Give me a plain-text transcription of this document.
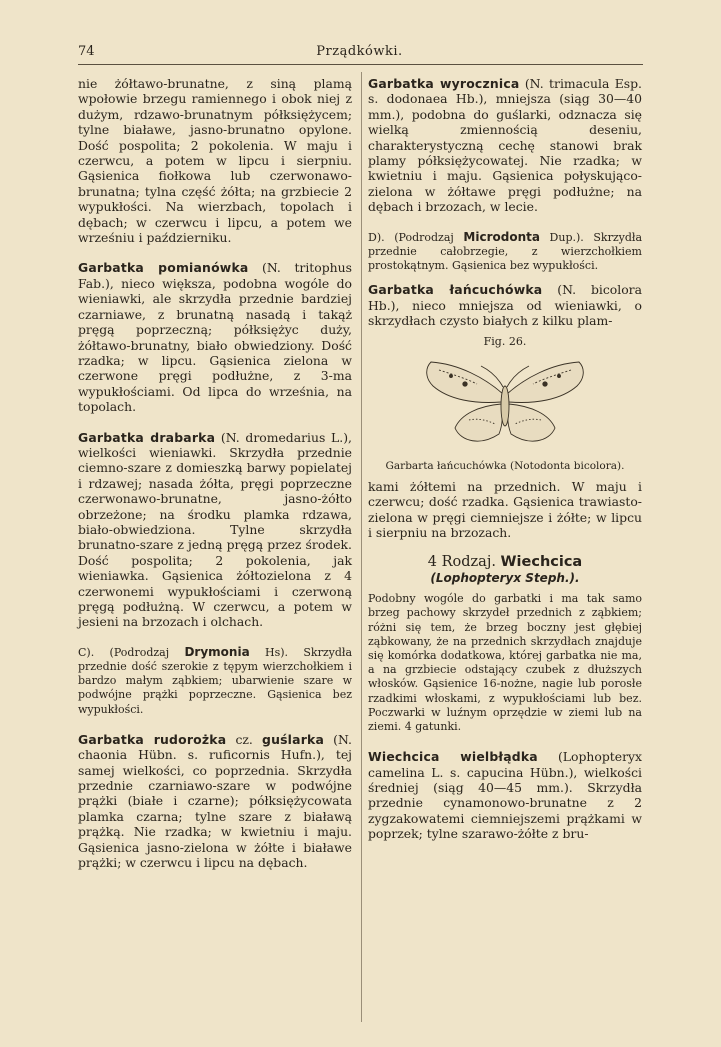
74	Prządkówki.

nie żółtawo-brunatne, z siną plamą wpołowie brzegu ramiennego i obok niej z dużym, rdzawo-brunatnym półksiężycem; tylne białawe, jasno-brunatno opylone. Dość pospolita; 2 pokolenia. W maju i czerwcu, a potem w lipcu i sierpniu. Gąsienica fiołkowa lub czerwonawo-brunatna; tylna część żółta; na grzbiecie 2 wypukłości. Na wierzbach, topolach i dębach; w czerwcu i lipcu, a potem we wrześniu i październiku.

Garbatka pomianówka (N. tritophus Fab.), nieco większa, podobna wogóle do wieniawki, ale skrzydła przednie bardziej czarniawe, z brunatną nasadą i takąż pręgą poprzeczną; półksiężyc duży, żółtawo-brunatny, biało obwiedziony. Dość rzadka; w lipcu. Gąsienica zielona w czerwone pręgi podłużne, z 3-ma wypukłościami. Od lipca do września, na topolach.

Garbatka drabarka (N. dromedarius L.), wielkości wieniawki. Skrzydła przednie ciemno-szare z domieszką barwy popielatej i rdzawej; nasada żółta, pręgi poprzeczne czerwonawo-brunatne, jasno-żółto obrzeżone; na środku plamka rdzawa, biało-obwiedziona. Tylne skrzydła brunatno-szare z jedną pręgą przez środek. Dość pospolita; 2 pokolenia, jak wieniawka. Gąsienica żółtozielona z 4 czerwonemi wypukłościami i czerwoną pręgą podłużną. W czerwcu, a potem w jesieni na brzozach i olchach.

C). (Podrodzaj Drymonia Hs). Skrzydła przednie dość szerokie z tępym wierzchołkiem i bardzo małym ząbkiem; ubarwienie szare w podwójne prążki poprzeczne. Gąsienica bez wypukłości.

Garbatka rudorożka cz. guślarka (N. chaonia Hübn. s. ruficornis Hufn.), tej samej wielkości, co poprzednia. Skrzydła przednie czarniawo-szare w podwójne prążki (białe i czarne); półksiężycowata plamka czarna; tylne szare z białawą prążką. Nie rzadka; w kwietniu i maju. Gąsienica jasno-zielona w żółte i białawe prążki; w czerwcu i lipcu na dębach.

Garbatka wyrocznica (N. trimacula Esp. s. dodonaea Hb.), mniejsza (siąg 30—40 mm.), podobna do guślarki, odznacza się wielką zmiennością deseniu, charakterystyczną cechę stanowi brak plamy półksiężycowatej. Nie rzadka; w kwietniu i maju. Gąsienica połyskująco-zielona w żółtawe pręgi podłużne; na dębach i brzozach, w lecie.

D). (Podrodzaj Microdonta Dup.). Skrzydła przednie całobrzegie, z wierzchołkiem prostokątnym. Gąsienica bez wypukłości.

Garbatka łańcuchówka (N. bicolora Hb.), nieco mniejsza od wieniawki, o skrzydłach czysto białych z kilku plam-

Fig. 26.
Garbarta łańcuchówka (Notodonta bicolora).

kami żółtemi na przednich. W maju i czerwcu; dość rzadka. Gąsienica trawiasto-zielona w pręgi ciemniejsze i żółte; w lipcu i sierpniu na brzozach.

4 Rodzaj. Wiechcica
(Lophopteryx Steph.).

Podobny wogóle do garbatki i ma tak samo brzeg pachowy skrzydeł przednich z ząbkiem; różni się tem, że brzeg boczny jest głębiej ząbkowany, że na przednich skrzydłach znajduje się komórka dodatkowa, której garbatka nie ma, a na grzbiecie odstający czubek z dłuższych włosków. Gąsienice 16-nożne, nagie lub porosłe rzadkimi włoskami, z wypukłościami lub bez. Poczwarki w luźnym oprzędzie w ziemi lub na ziemi. 4 gatunki.

Wiechcica wielbłądka (Lophopteryx camelina L. s. capucina Hübn.), wielkości średniej (siąg 40—45 mm.). Skrzydła przednie cynamonowo-brunatne z 2 zygzakowatemi ciemniejszemi prążkami w poprzek; tylne szarawo-żółte z bru-
